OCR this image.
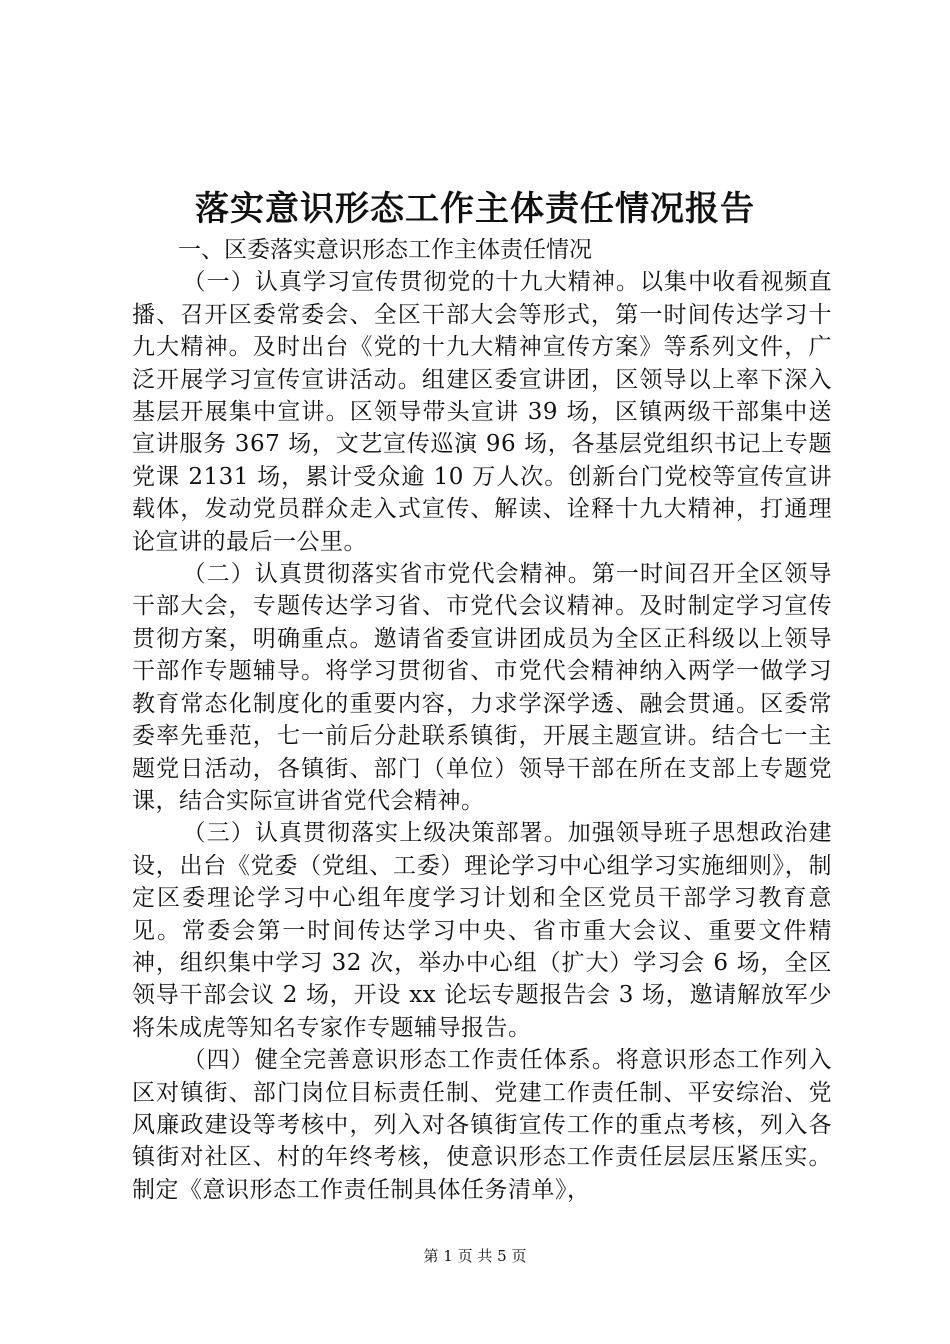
落实意识形态工作主体责任情况报告

一、区委落实意识形态工作主体责任情况

（一）认真学习宣传贯彻党的十九大精神。以集中收看视频直播、召开区委常委会、全区干部大会等形式，第一时间传达学习十九大精神。及时出台《党的十九大精神宣传方案》等系列文件，广泛开展学习宣传宣讲活动。组建区委宣讲团，区领导以上率下深入基层开展集中宣讲。区领导带头宣讲 39 场，区镇两级干部集中送宣讲服务 367 场，文艺宣传巡演 96 场，各基层党组织书记上专题党课 2131 场，累计受众逾 10 万人次。创新台门党校等宣传宣讲载体，发动党员群众走入式宣传、解读、诠释十九大精神，打通理论宣讲的最后一公里。

（二）认真贯彻落实省市党代会精神。第一时间召开全区领导干部大会，专题传达学习省、市党代会议精神。及时制定学习宣传贯彻方案，明确重点。邀请省委宣讲团成员为全区正科级以上领导干部作专题辅导。将学习贯彻省、市党代会精神纳入两学一做学习教育常态化制度化的重要内容，力求学深学透、融会贯通。区委常委率先垂范，七一前后分赴联系镇街，开展主题宣讲。结合七一主题党日活动，各镇街、部门（单位）领导干部在所在支部上专题党课，结合实际宣讲省党代会精神。

（三）认真贯彻落实上级决策部署。加强领导班子思想政治建设，出台《党委（党组、工委）理论学习中心组学习实施细则》，制定区委理论学习中心组年度学习计划和全区党员干部学习教育意见。常委会第一时间传达学习中央、省市重大会议、重要文件精神，组织集中学习 32 次，举办中心组（扩大）学习会 6 场，全区领导干部会议 2 场，开设 xx 论坛专题报告会 3 场，邀请解放军少将朱成虎等知名专家作专题辅导报告。

（四）健全完善意识形态工作责任体系。将意识形态工作列入区对镇街、部门岗位目标责任制、党建工作责任制、平安综治、党风廉政建设等考核中，列入对各镇街宣传工作的重点考核，列入各镇街对社区、村的年终考核，使意识形态工作责任层层压紧压实。制定《意识形态工作责任制具体任务清单》，

第 1 页 共 5 页
